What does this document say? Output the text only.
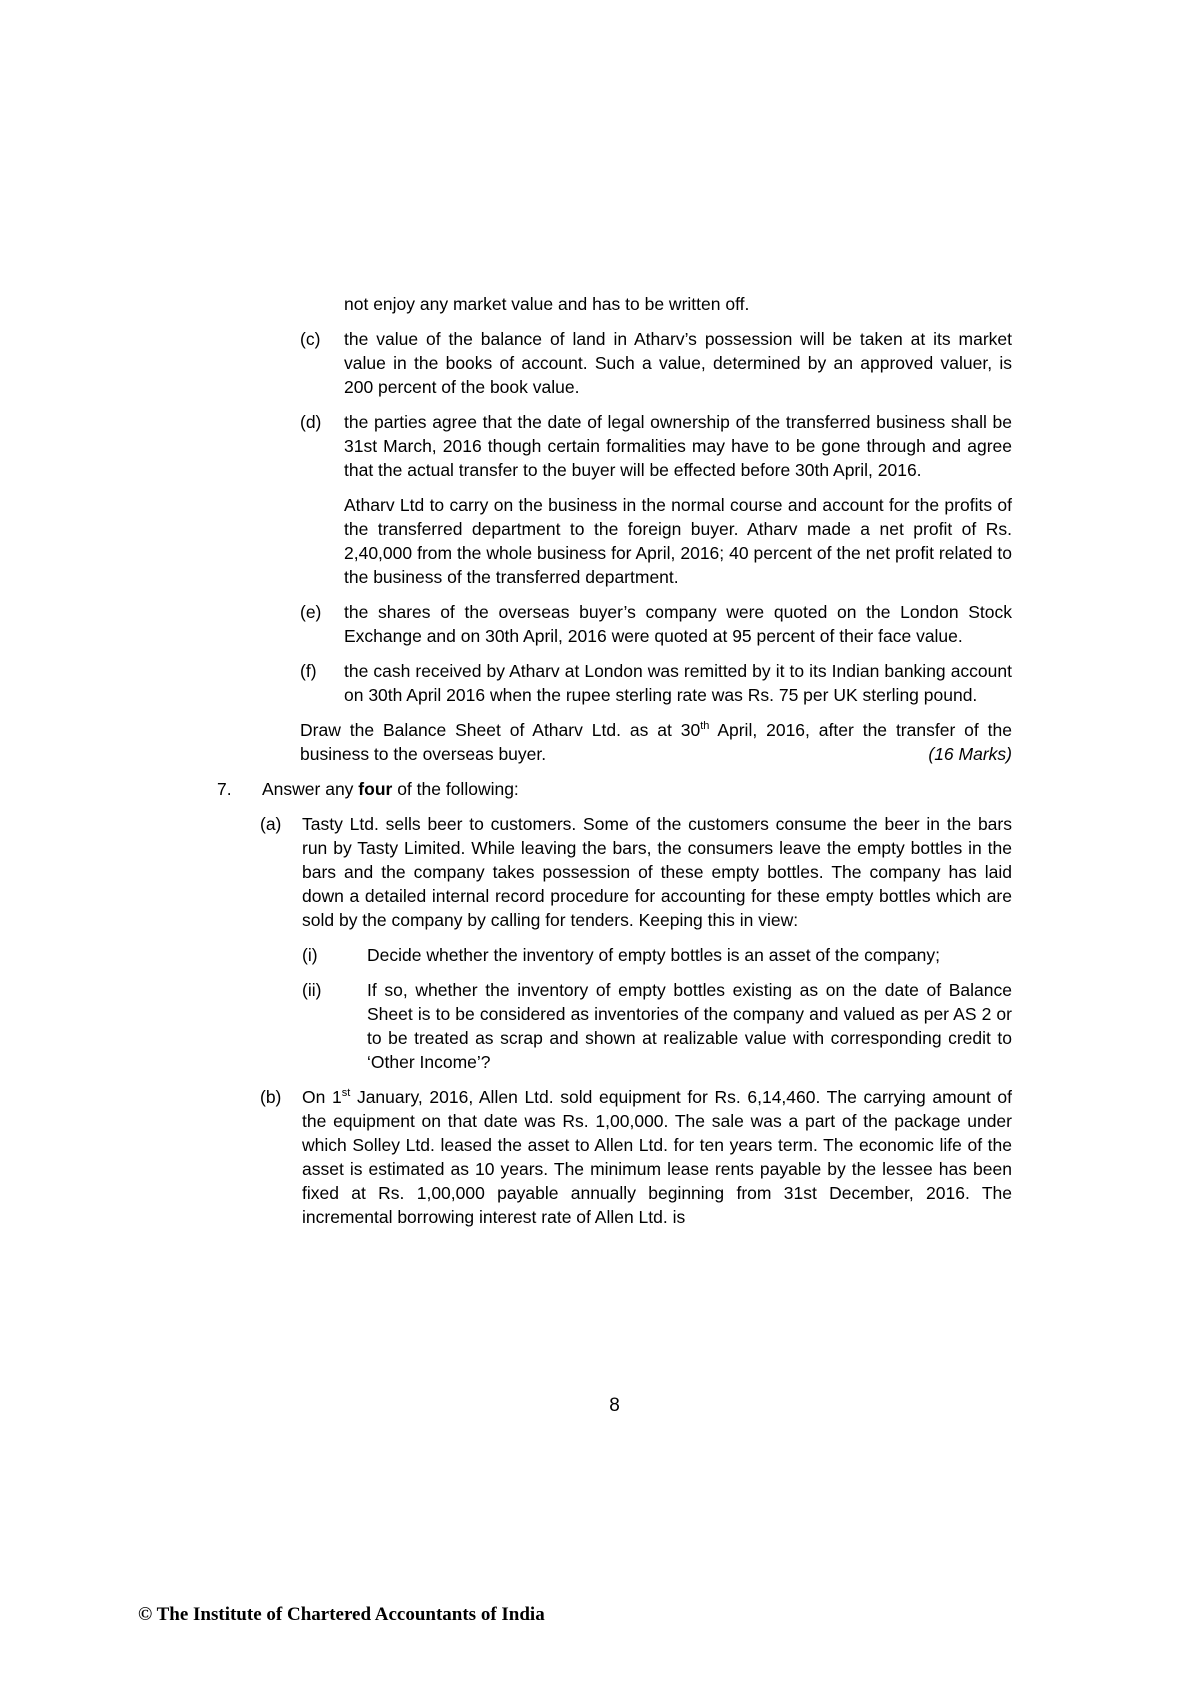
not enjoy any market value and has to be written off.

(c)	the value of the balance of land in Atharv’s possession will be taken at its market value in the books of account. Such a value, determined by an approved valuer, is 200 percent of the book value.
(d)	the parties agree that the date of legal ownership of the transferred business shall be 31st March, 2016 though certain formalities may have to be gone through and agree that the actual transfer to the buyer will be effected before 30th April, 2016.

Atharv Ltd to carry on the business in the normal course and account for the profits of the transferred department to the foreign buyer. Atharv made a net profit of Rs. 2,40,000 from the whole business for April, 2016; 40 percent of the net profit related to the business of the transferred department.

(e)	the shares of the overseas buyer’s company were quoted on the London Stock Exchange and on 30th April, 2016 were quoted at 95 percent of their face value.
(f)	the cash received by Atharv at London was remitted by it to its Indian banking account on 30th April 2016 when the rupee sterling rate was Rs. 75 per UK sterling pound.

Draw the Balance Sheet of Atharv Ltd. as at 30th April, 2016, after the transfer of the business to the overseas buyer.	(16 Marks)

7.	Answer any four of the following:
(a)	Tasty Ltd. sells beer to customers. Some of the customers consume the beer in the bars run by Tasty Limited. While leaving the bars, the consumers leave the empty bottles in the bars and the company takes possession of these empty bottles. The company has laid down a detailed internal record procedure for accounting for these empty bottles which are sold by the company by calling for tenders. Keeping this in view:
(i)	Decide whether the inventory of empty bottles is an asset of the company;
(ii)	If so, whether the inventory of empty bottles existing as on the date of Balance Sheet is to be considered as inventories of the company and valued as per AS 2 or to be treated as scrap and shown at realizable value with corresponding credit to ‘Other Income’?
(b)	On 1st January, 2016, Allen Ltd. sold equipment for Rs. 6,14,460. The carrying amount of the equipment on that date was Rs. 1,00,000. The sale was a part of the package under which Solley Ltd. leased the asset to Allen Ltd. for ten years term. The economic life of the asset is estimated as 10 years. The minimum lease rents payable by the lessee has been fixed at Rs. 1,00,000 payable annually beginning from 31st December, 2016. The incremental borrowing interest rate of Allen Ltd. is
8
© The Institute of Chartered Accountants of India
